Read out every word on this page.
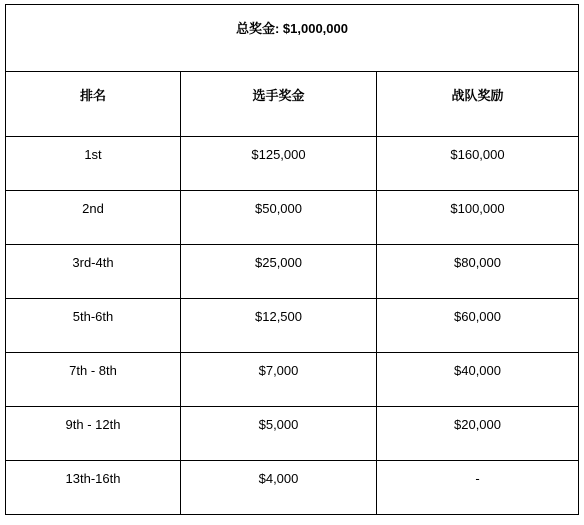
总奖金: $1,000,000		

排名	选手奖金	战队奖励

1st	$125,000	$160,000

2nd	$50,000	$100,000

3rd-4th	$25,000	$80,000

5th-6th	$12,500	$60,000

7th - 8th	$7,000	$40,000

9th - 12th	$5,000	$20,000

13th-16th	$4,000	-
